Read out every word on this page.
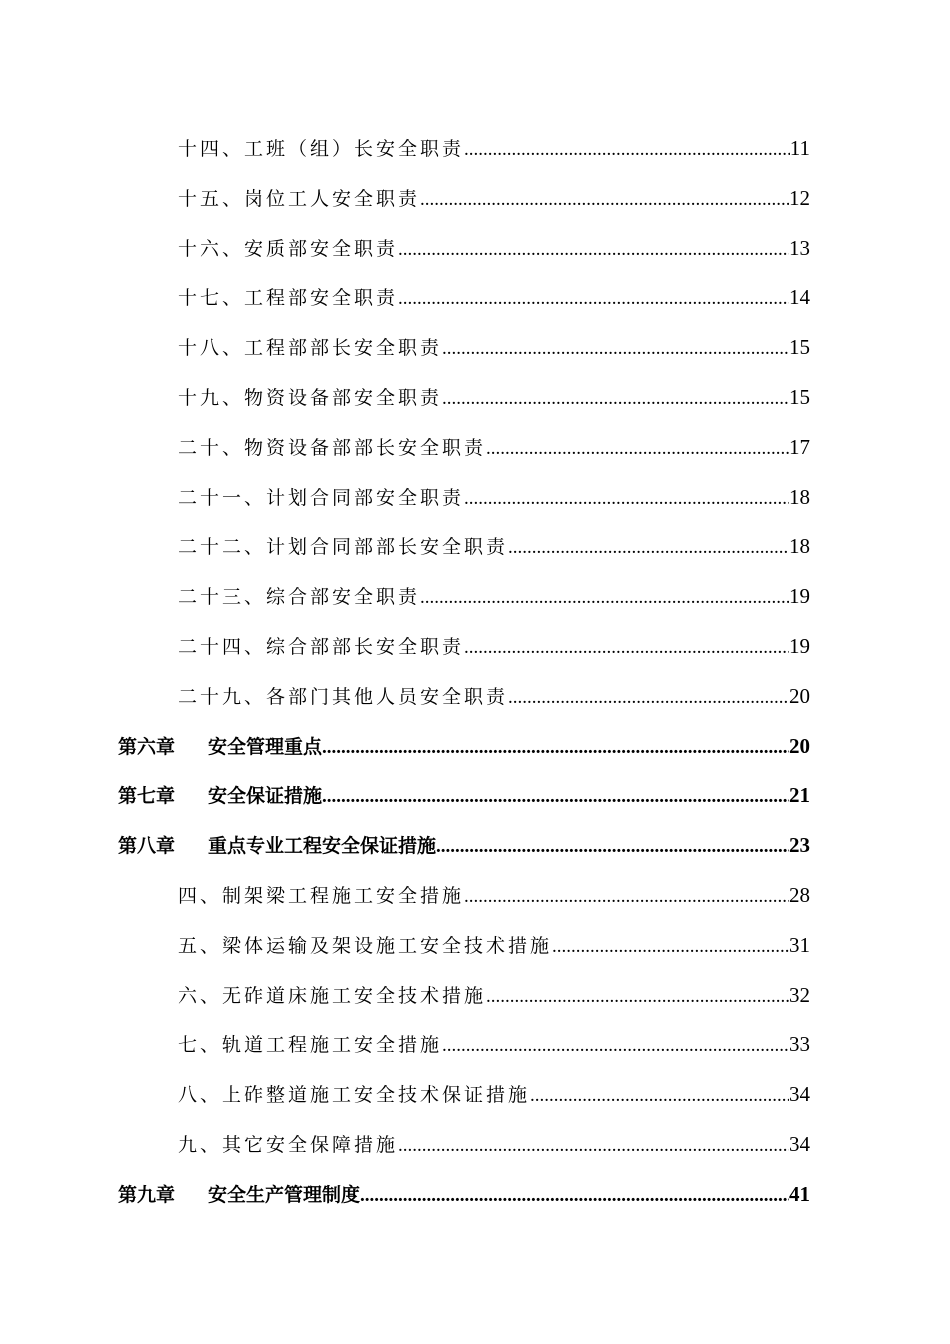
十四、工班（组）长安全职责 .....	11
十五、岗位工人安全职责 .....	12
十六、安质部安全职责 .....	13
十七、工程部安全职责 .....	14
十八、工程部部长安全职责 .....	15
十九、物资设备部安全职责 .....	15
二十、物资设备部部长安全职责 .....	17
二十一、计划合同部安全职责 .....	18
二十二、计划合同部部长安全职责 .....	18
二十三、综合部安全职责 .....	19
二十四、综合部部长安全职责 .....	19
二十九、各部门其他人员安全职责 .....	20
第六章 安全管理重点 .....	20
第七章 安全保证措施 .....	21
第八章 重点专业工程安全保证措施 .....	23
四、制架梁工程施工安全措施 .....	28
五、梁体运输及架设施工安全技术措施 .....	31
六、无砟道床施工安全技术措施 .....	32
七、轨道工程施工安全措施 .....	33
八、上砟整道施工安全技术保证措施 .....	34
九、其它安全保障措施 .....	34
第九章 安全生产管理制度 .....	41
